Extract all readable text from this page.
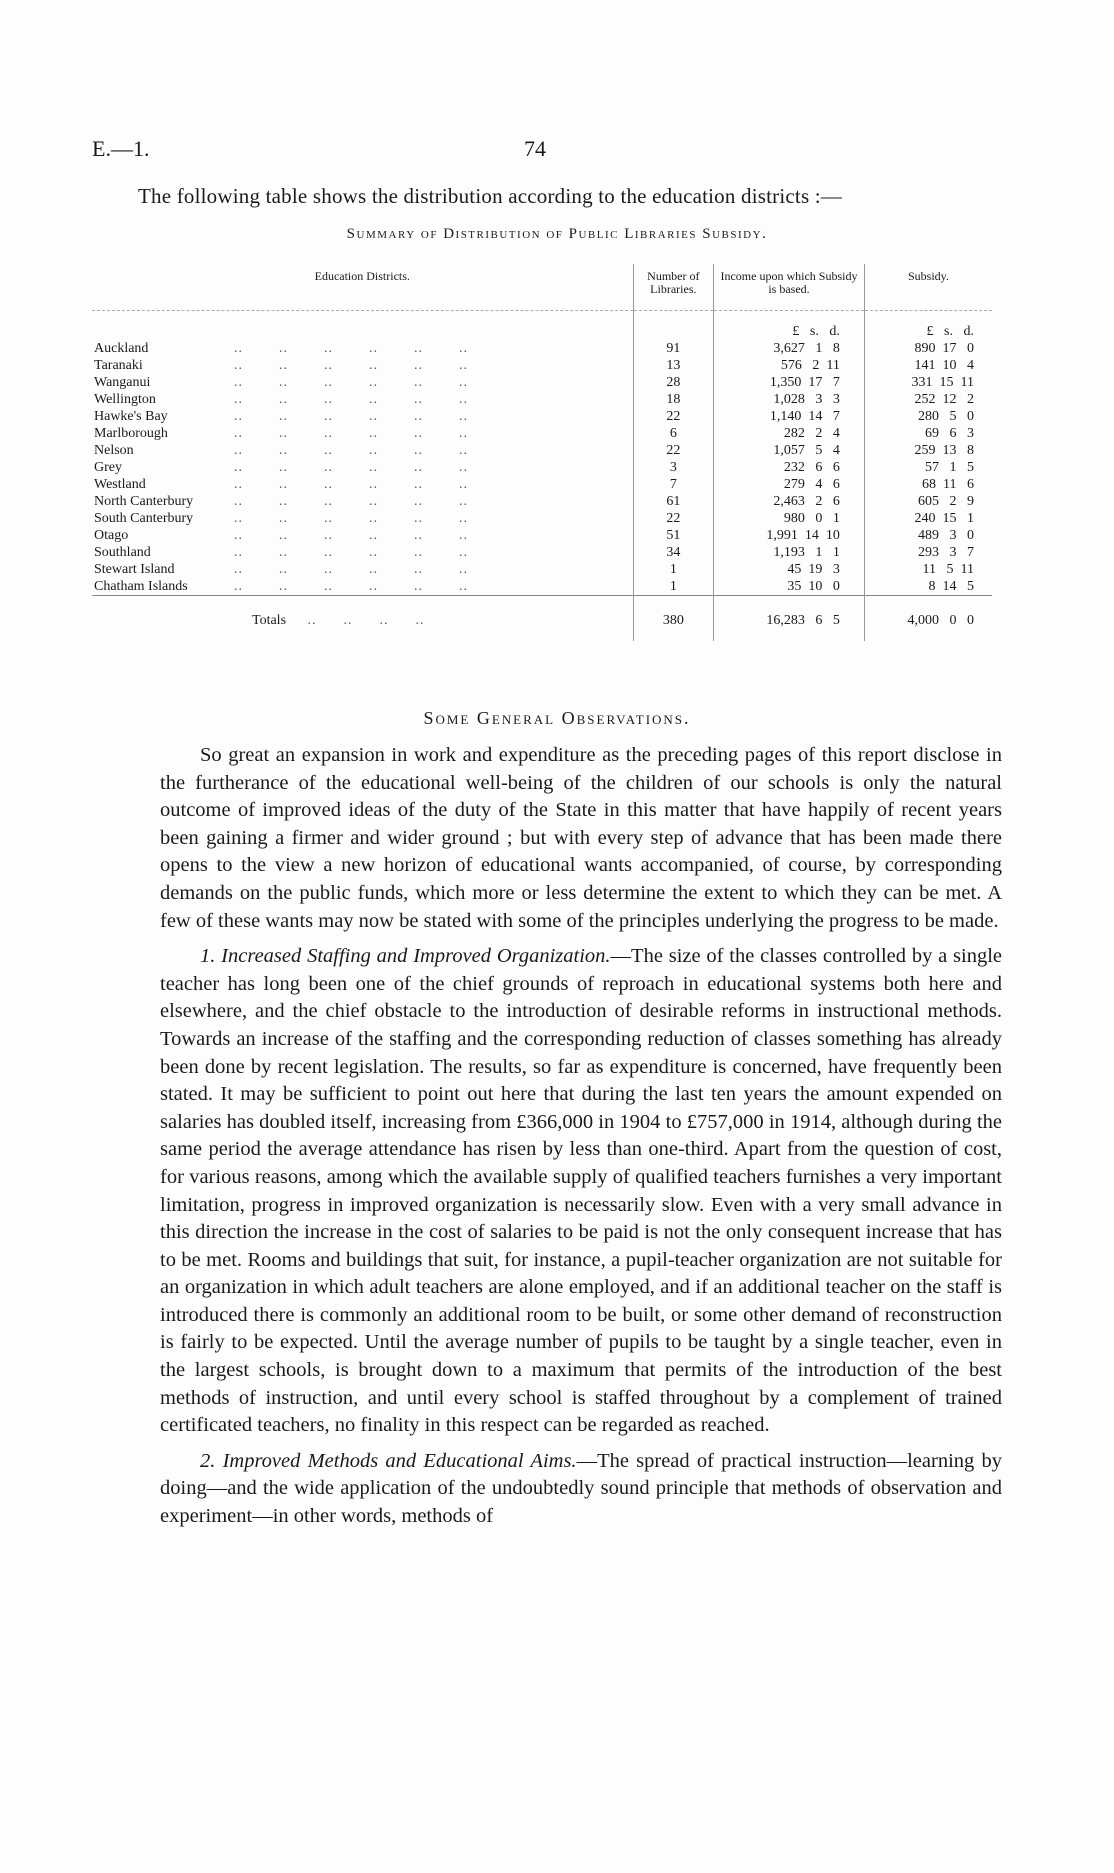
E.—1.	74
The following table shows the distribution according to the education districts :—
Summary of Distribution of Public Libraries Subsidy.
Education Districts.	Number of Libraries.	Income upon which Subsidy is based.	Subsidy.
		£   s.   d.	£   s.   d.
Auckland ..        ..        ..        ..        ..        ..	91	3,627   1   8	890  17   0
Taranaki ..        ..        ..        ..        ..        ..	13	576   2  11	141  10   4
Wanganui ..        ..        ..        ..        ..        ..	28	1,350  17   7	331  15  11
Wellington ..        ..        ..        ..        ..        ..	18	1,028   3   3	252  12   2
Hawke's Bay ..        ..        ..        ..        ..        ..	22	1,140  14   7	280   5   0
Marlborough ..        ..        ..        ..        ..        ..	6	282   2   4	69   6   3
Nelson ..        ..        ..        ..        ..        ..	22	1,057   5   4	259  13   8
Grey ..        ..        ..        ..        ..        ..	3	232   6   6	57   1   5
Westland ..        ..        ..        ..        ..        ..	7	279   4   6	68  11   6
North Canterbury ..        ..        ..        ..        ..        ..	61	2,463   2   6	605   2   9
South Canterbury ..        ..        ..        ..        ..        ..	22	980   0   1	240  15   1
Otago ..        ..        ..        ..        ..        ..	51	1,991  14  10	489   3   0
Southland ..        ..        ..        ..        ..        ..	34	1,193   1   1	293   3   7
Stewart Island ..        ..        ..        ..        ..        ..	1	45  19   3	11   5  11
Chatham Islands ..        ..        ..        ..        ..        ..	1	35  10   0	8  14   5
Totals     ..      ..      ..      ..	380	16,283   6   5	4,000   0   0
Some General Observations.

So great an expansion in work and expenditure as the preceding pages of this report disclose in the furtherance of the educational well-being of the children of our schools is only the natural outcome of improved ideas of the duty of the State in this matter that have happily of recent years been gaining a firmer and wider ground ; but with every step of advance that has been made there opens to the view a new horizon of educational wants accompanied, of course, by corresponding demands on the public funds, which more or less determine the extent to which they can be met. A few of these wants may now be stated with some of the principles underlying the progress to be made.

1. Increased Staffing and Improved Organization.—The size of the classes controlled by a single teacher has long been one of the chief grounds of reproach in educational systems both here and elsewhere, and the chief obstacle to the introduction of desirable reforms in instructional methods. Towards an increase of the staffing and the corresponding reduction of classes something has already been done by recent legislation. The results, so far as expenditure is concerned, have frequently been stated. It may be sufficient to point out here that during the last ten years the amount expended on salaries has doubled itself, increasing from £366,000 in 1904 to £757,000 in 1914, although during the same period the average attendance has risen by less than one-third. Apart from the question of cost, for various reasons, among which the available supply of qualified teachers furnishes a very important limitation, progress in improved organization is necessarily slow. Even with a very small advance in this direction the increase in the cost of salaries to be paid is not the only consequent increase that has to be met. Rooms and buildings that suit, for instance, a pupil-teacher organization are not suitable for an organization in which adult teachers are alone employed, and if an additional teacher on the staff is introduced there is commonly an additional room to be built, or some other demand of reconstruction is fairly to be expected. Until the average number of pupils to be taught by a single teacher, even in the largest schools, is brought down to a maximum that permits of the introduction of the best methods of instruction, and until every school is staffed throughout by a complement of trained certificated teachers, no finality in this respect can be regarded as reached.

2. Improved Methods and Educational Aims.—The spread of practical instruction—learning by doing—and the wide application of the undoubtedly sound principle that methods of observation and experiment—in other words, methods of
